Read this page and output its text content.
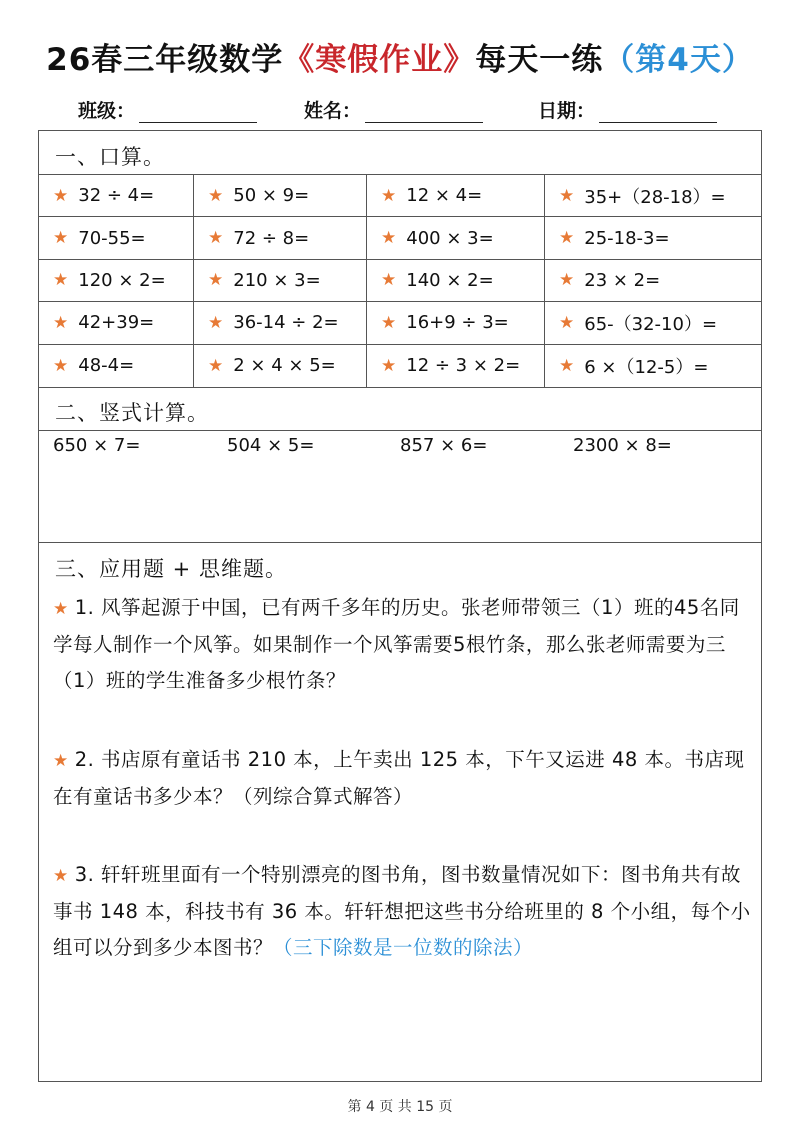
26春三年级数学《寒假作业》每天一练（第4天）
班级：	姓名：	日期：
一、口算。
★ 32 ÷ 4=	★ 50 × 9=	★ 12 × 4=	★ 35+（28-18）=
★ 70-55=	★ 72 ÷ 8=	★ 400 × 3=	★ 25-18-3=
★ 120 × 2= ★ 210 × 3=	★ 140 × 2=	★ 23 × 2=
★ 42+39=	★ 36-14 ÷ 2= ★ 16+9 ÷ 3=	★ 65-（32-10）=
★ 48-4=	★ 2 × 4 × 5=	★ 12 ÷ 3 × 2= ★ 6 ×（12-5）=
二、竖式计算。
650 × 7=	504 × 5=	857 × 6=	2300 × 8=
三、应用题 + 思维题。
★ 1. 风筝起源于中国，已有两千多年的历史。张老师带领三（1）班的45名同学每人制作一个风筝。如果制作一个风筝需要5根竹条，那么张老师需要为三（1）班的学生准备多少根竹条？
★ 2. 书店原有童话书 210 本，上午卖出 125 本，下午又运进 48 本。书店现在有童话书多少本？（列综合算式解答）
★ 3. 轩轩班里面有一个特别漂亮的图书角，图书数量情况如下：图书角共有故事书 148 本，科技书有 36 本。轩轩想把这些书分给班里的 8 个小组，每个小组可以分到多少本图书？（三下除数是一位数的除法）
第 4 页 共 15 页
